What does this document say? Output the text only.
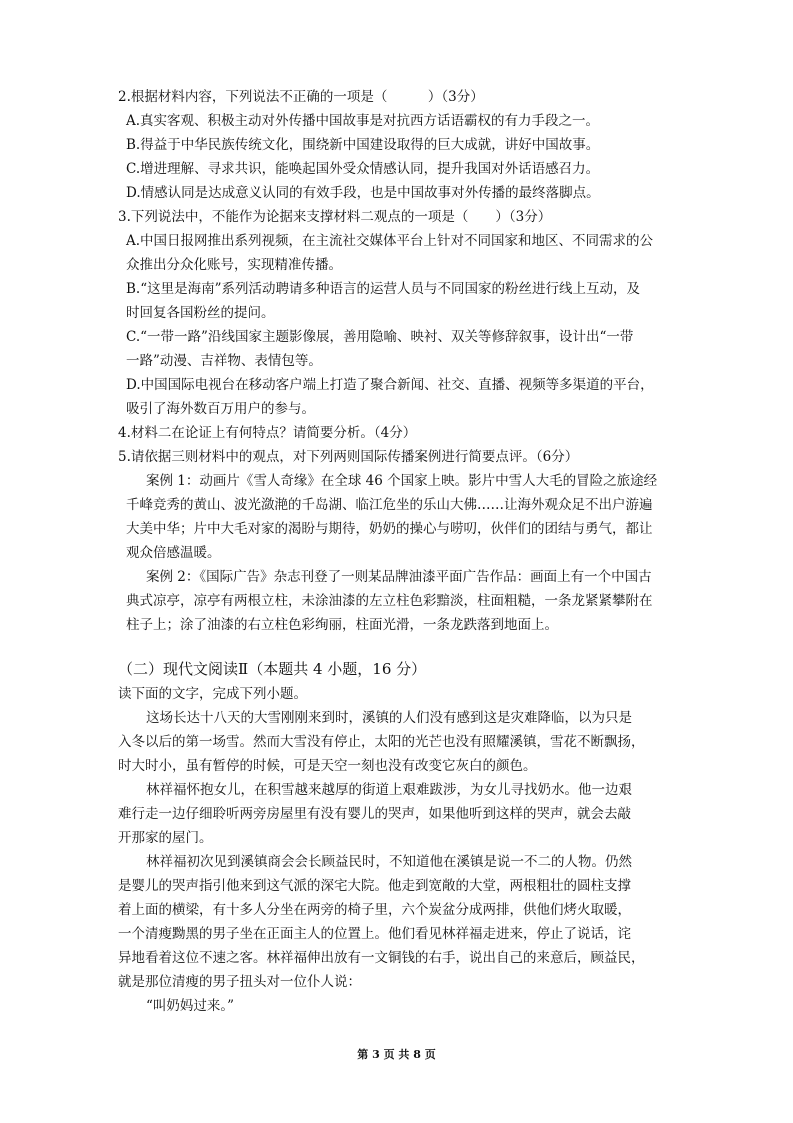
2.根据材料内容，下列说法不正确的一项是（　　　）（3分）
A.真实客观、积极主动对外传播中国故事是对抗西方话语霸权的有力手段之一。
B.得益于中华民族传统文化，围绕新中国建设取得的巨大成就，讲好中国故事。
C.增进理解、寻求共识，能唤起国外受众情感认同，提升我国对外话语感召力。
D.情感认同是达成意义认同的有效手段，也是中国故事对外传播的最终落脚点。
3.下列说法中，不能作为论据来支撑材料二观点的一项是（　　）（3分）
A.中国日报网推出系列视频，在主流社交媒体平台上针对不同国家和地区、不同需求的公
众推出分众化账号，实现精准传播。
B.“这里是海南”系列活动聘请多种语言的运营人员与不同国家的粉丝进行线上互动，及
时回复各国粉丝的提问。
C.“一带一路”沿线国家主题影像展，善用隐喻、映衬、双关等修辞叙事，设计出“一带
一路”动漫、吉祥物、表情包等。
D.中国国际电视台在移动客户端上打造了聚合新闻、社交、直播、视频等多渠道的平台，
吸引了海外数百万用户的参与。
4.材料二在论证上有何特点？请简要分析。（4分）
5.请依据三则材料中的观点，对下列两则国际传播案例进行简要点评。（6分）
案例 1：动画片《雪人奇缘》在全球 46 个国家上映。影片中雪人大毛的冒险之旅途经
千峰竞秀的黄山、波光潋滟的千岛湖、临江危坐的乐山大佛……让海外观众足不出户游遍
大美中华；片中大毛对家的渴盼与期待，奶奶的操心与唠叨，伙伴们的团结与勇气，都让
观众倍感温暖。
案例 2：《国际广告》杂志刊登了一则某品牌油漆平面广告作品：画面上有一个中国古
典式凉亭，凉亭有两根立柱，未涂油漆的左立柱色彩黯淡，柱面粗糙，一条龙紧紧攀附在
柱子上；涂了油漆的右立柱色彩绚丽，柱面光滑，一条龙跌落到地面上。
（二）现代文阅读Ⅱ（本题共 4 小题，16 分）
读下面的文字，完成下列小题。
这场长达十八天的大雪刚刚来到时，溪镇的人们没有感到这是灾难降临，以为只是
入冬以后的第一场雪。然而大雪没有停止，太阳的光芒也没有照耀溪镇，雪花不断飘扬，
时大时小，虽有暂停的时候，可是天空一刻也没有改变它灰白的颜色。
林祥福怀抱女儿，在积雪越来越厚的街道上艰难跋涉，为女儿寻找奶水。他一边艰
难行走一边仔细聆听两旁房屋里有没有婴儿的哭声，如果他听到这样的哭声，就会去敲
开那家的屋门。
林祥福初次见到溪镇商会会长顾益民时，不知道他在溪镇是说一不二的人物。仍然
是婴儿的哭声指引他来到这气派的深宅大院。他走到宽敞的大堂，两根粗壮的圆柱支撑
着上面的横梁，有十多人分坐在两旁的椅子里，六个炭盆分成两排，供他们烤火取暖，
一个清瘦黝黑的男子坐在正面主人的位置上。他们看见林祥福走进来，停止了说话，诧
异地看着这位不速之客。林祥福伸出放有一文铜钱的右手，说出自己的来意后，顾益民，
就是那位清瘦的男子扭头对一位仆人说：
“叫奶妈过来。”
第 3 页 共 8 页
